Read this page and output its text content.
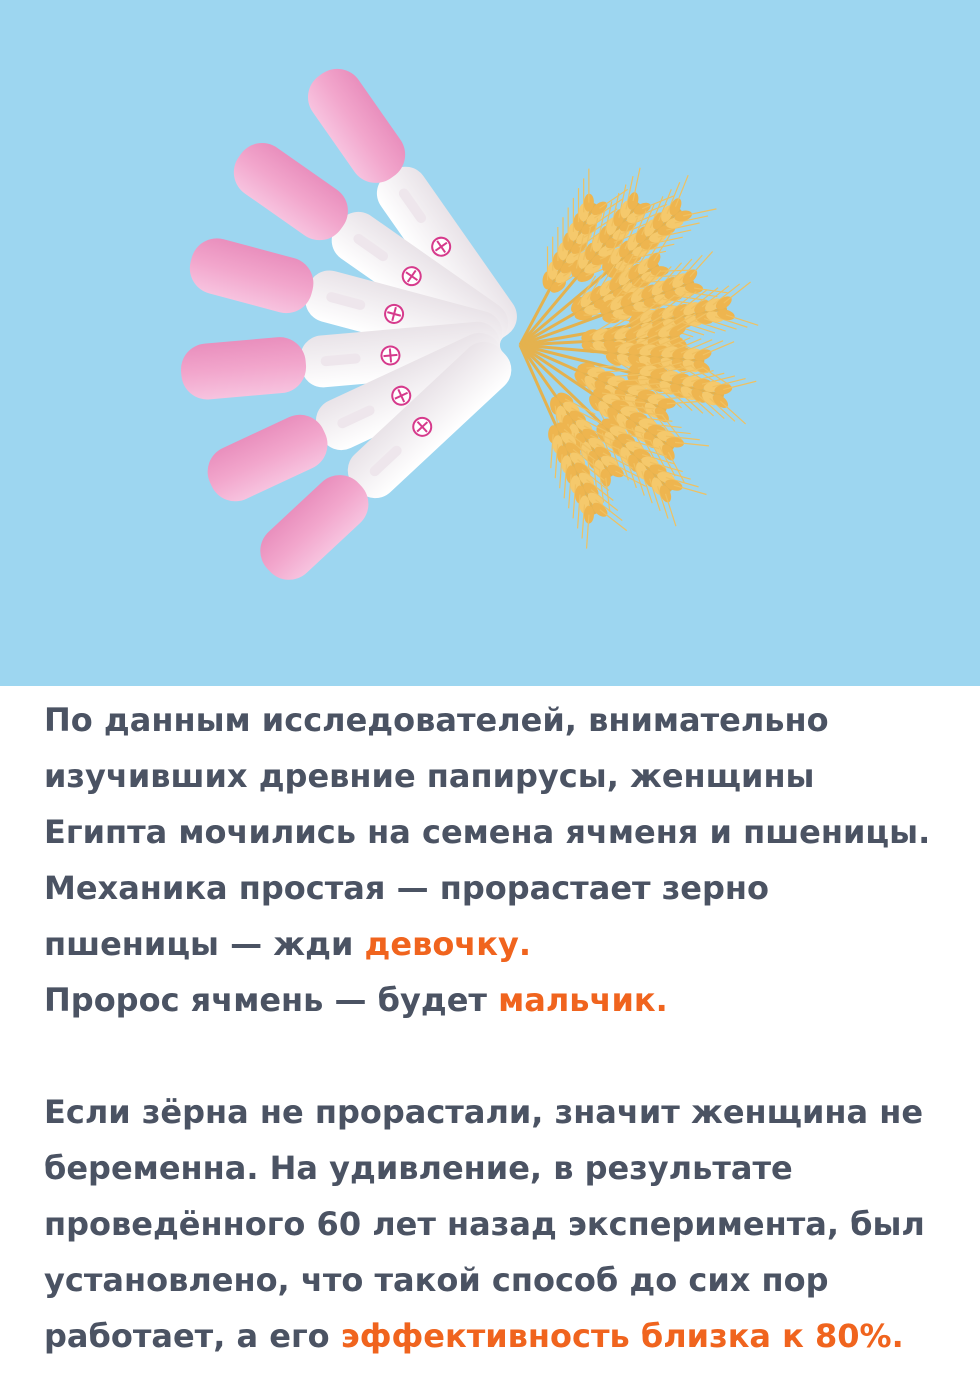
По данным исследователей, внимательно изучивших древние папирусы, женщины Египта мочились на семена ячменя и пшеницы. Механика простая — прорастает зерно пшеницы — жди девочку.
Пророс ячмень — будет мальчик.

Если зёрна не прорастали, значит женщина не беременна. На удивление, в результате проведённого 60 лет назад эксперимента, был установлено, что такой способ до сих пор работает, а его эффективность близка к 80%.
